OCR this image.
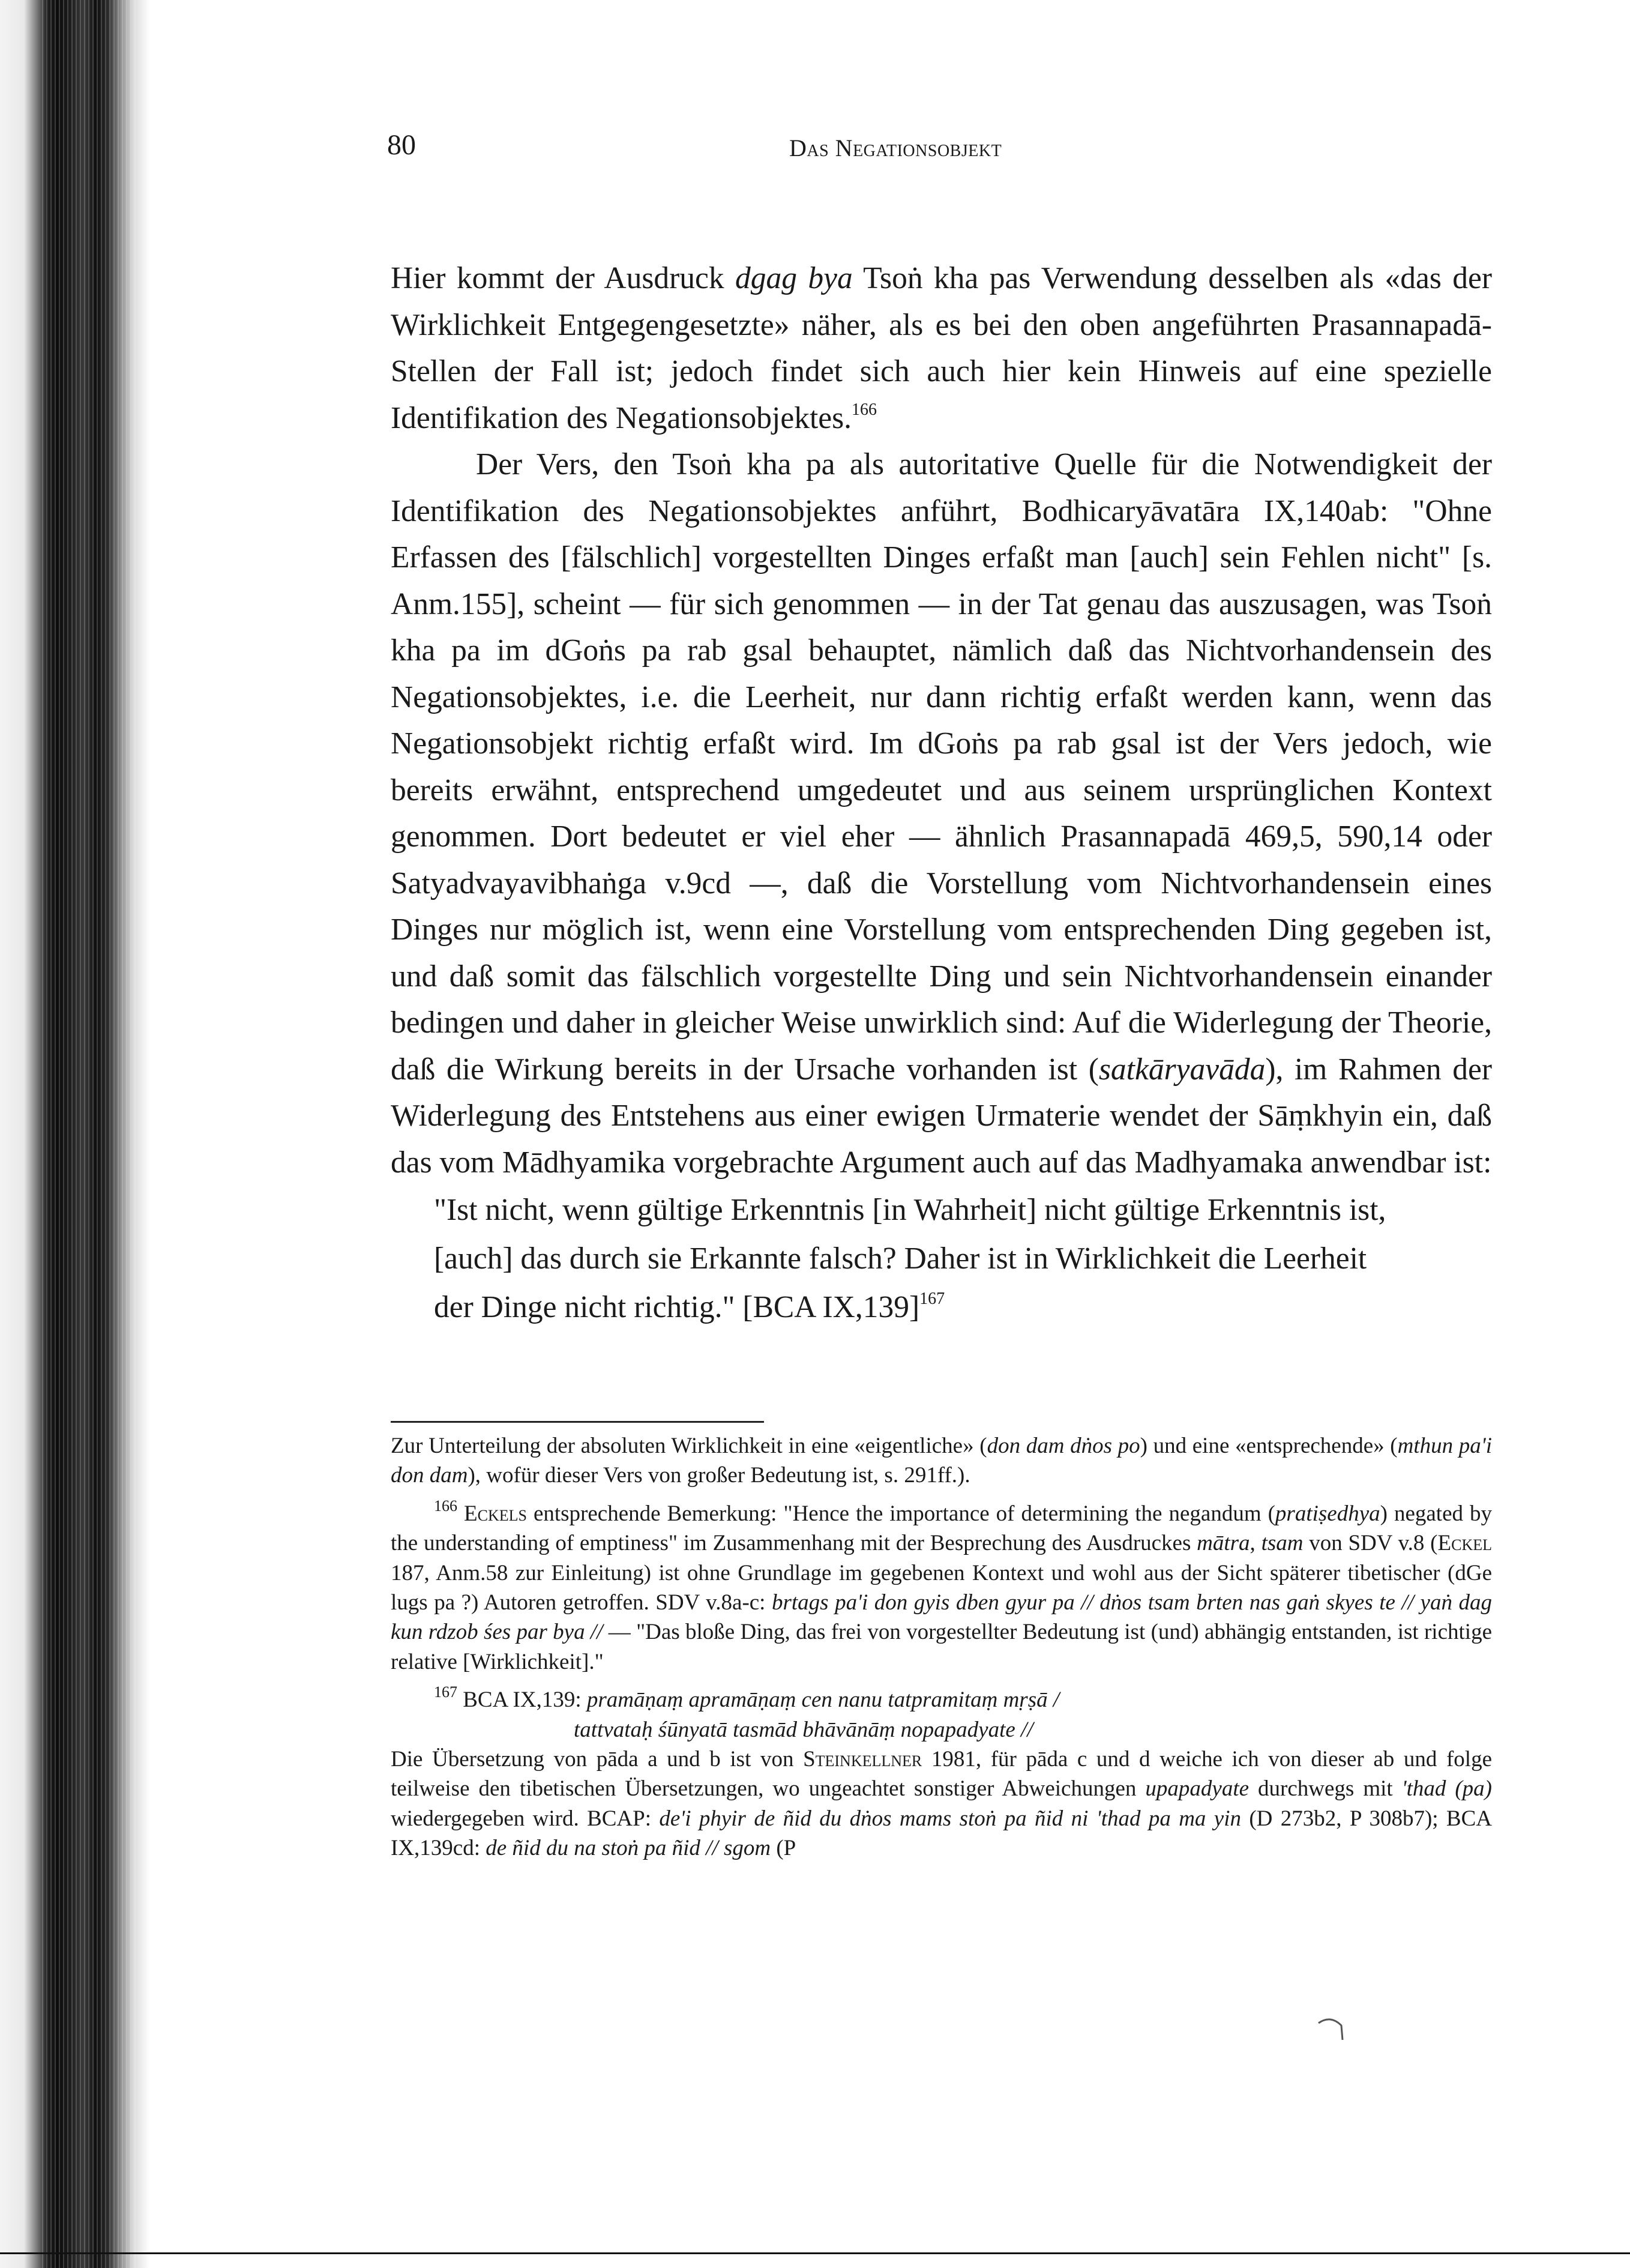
80	Das Negationsobjekt

Hier kommt der Ausdruck dgag bya Tsoṅ kha pas Verwendung desselben als «das der Wirklichkeit Entgegengesetzte» näher, als es bei den oben angeführten Prasannapadā-Stellen der Fall ist; jedoch findet sich auch hier kein Hinweis auf eine spezielle Identifikation des Negationsobjektes.$^{166}$

Der Vers, den Tsoṅ kha pa als autoritative Quelle für die Notwendigkeit der Identifikation des Negationsobjektes anführt, Bodhicaryāvatāra IX,140ab: "Ohne Erfassen des [fälschlich] vorgestellten Dinges erfaßt man [auch] sein Fehlen nicht" [s. Anm.155], scheint — für sich genommen — in der Tat genau das auszusagen, was Tsoṅ kha pa im dGoṅs pa rab gsal behauptet, nämlich daß das Nichtvorhandensein des Negationsobjektes, i.e. die Leerheit, nur dann richtig erfaßt werden kann, wenn das Negationsobjekt richtig erfaßt wird. Im dGoṅs pa rab gsal ist der Vers jedoch, wie bereits erwähnt, entsprechend umgedeutet und aus seinem ursprünglichen Kontext genommen. Dort bedeutet er viel eher — ähnlich Prasannapadā 469,5, 590,14 oder Satyadvayavibhaṅga v.9cd —, daß die Vorstellung vom Nichtvorhandensein eines Dinges nur möglich ist, wenn eine Vorstellung vom entsprechenden Ding gegeben ist, und daß somit das fälschlich vorgestellte Ding und sein Nichtvorhandensein einander bedingen und daher in gleicher Weise unwirklich sind: Auf die Widerlegung der Theorie, daß die Wirkung bereits in der Ursache vorhanden ist (satkāryavāda), im Rahmen der Widerlegung des Entstehens aus einer ewigen Urmaterie wendet der Sāṃkhyin ein, daß das vom Mādhyamika vorgebrachte Argument auch auf das Madhyamaka anwendbar ist:

"Ist nicht, wenn gültige Erkenntnis [in Wahrheit] nicht gültige Erkenntnis ist,
[auch] das durch sie Erkannte falsch? Daher ist in Wirklichkeit die Leerheit
der Dinge nicht richtig." [BCA IX,139]$^{167}$

Zur Unterteilung der absoluten Wirklichkeit in eine «eigentliche» (don dam dṅos po) und eine «entsprechende» (mthun pa'i don dam), wofür dieser Vers von großer Bedeutung ist, s. 291ff.).

$^{166}$ Eckels entsprechende Bemerkung: "Hence the importance of determining the negandum (pratiṣedhya) negated by the understanding of emptiness" im Zusammenhang mit der Besprechung des Ausdruckes mātra, tsam von SDV v.8 (Eckel 187, Anm.58 zur Einleitung) ist ohne Grundlage im gegebenen Kontext und wohl aus der Sicht späterer tibetischer (dGe lugs pa ?) Autoren getroffen. SDV v.8a-c: brtags pa'i don gyis dben gyur pa // dṅos tsam brten nas gaṅ skyes te // yaṅ dag kun rdzob śes par bya // — "Das bloße Ding, das frei von vorgestellter Bedeutung ist (und) abhängig entstanden, ist richtige relative [Wirklichkeit]."

$^{167}$ BCA IX,139: pramāṇaṃ apramāṇaṃ cen nanu tatpramitaṃ mṛṣā /

tattvataḥ śūnyatā tasmād bhāvānāṃ nopapadyate //

Die Übersetzung von pāda a und b ist von Steinkellner 1981, für pāda c und d weiche ich von dieser ab und folge teilweise den tibetischen Übersetzungen, wo ungeachtet sonstiger Abweichungen upapadyate durchwegs mit 'thad (pa) wiedergegeben wird. BCAP: de'i phyir de ñid du dṅos mams stoṅ pa ñid ni 'thad pa ma yin (D 273b2, P 308b7); BCA IX,139cd: de ñid du na stoṅ pa ñid // sgom (P
